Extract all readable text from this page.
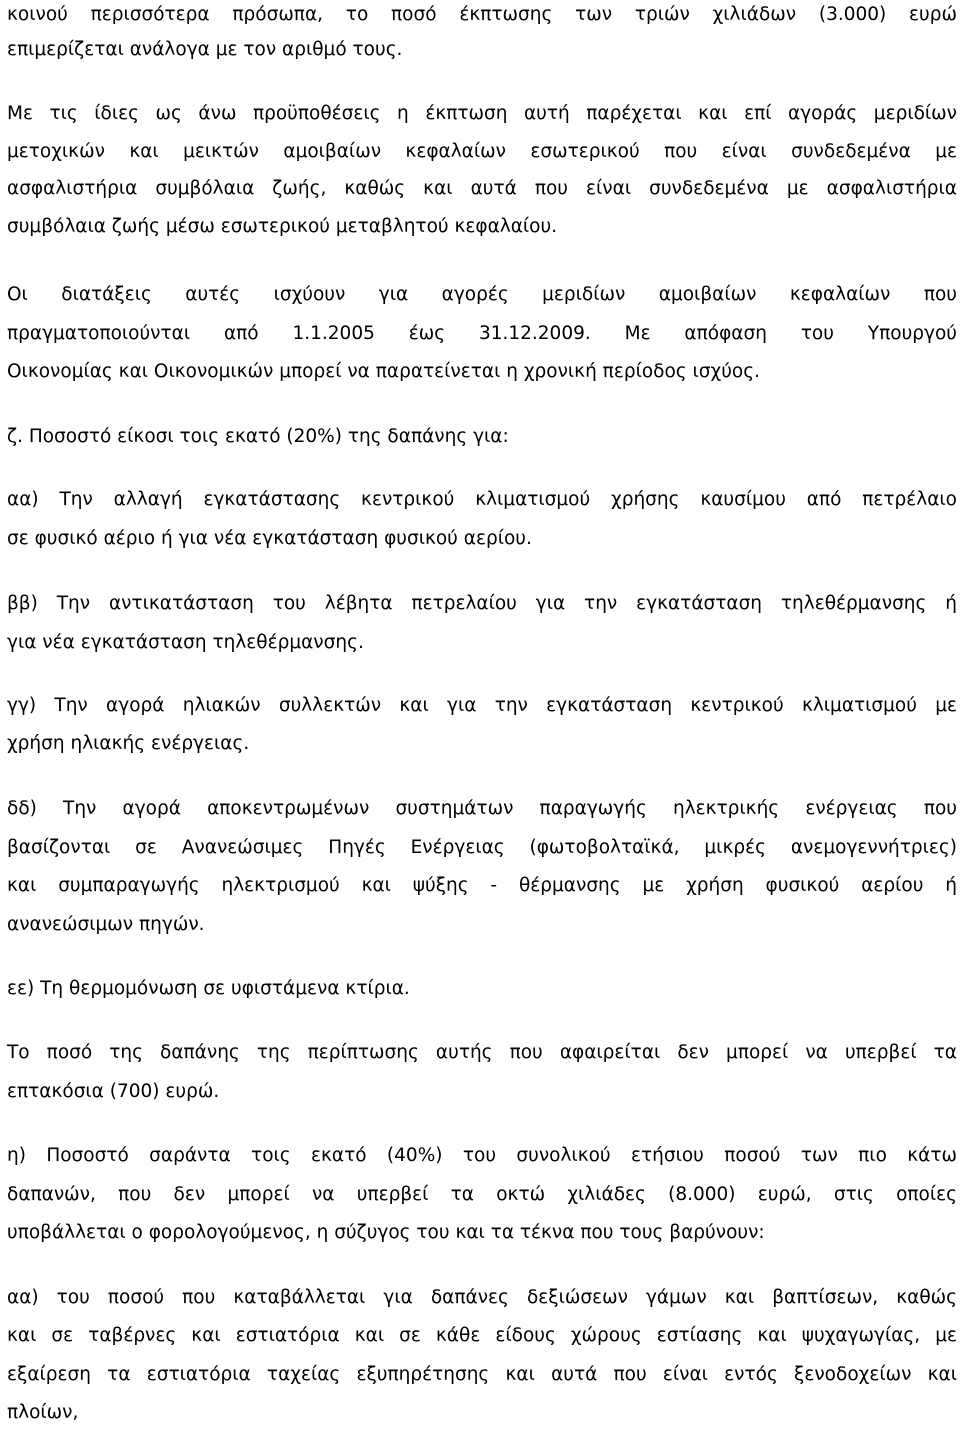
κοινού περισσότερα πρόσωπα, το ποσό έκπτωσης των τριών χιλιάδων (3.000) ευρώ

επιμερίζεται ανάλογα με τον αριθμό τους.

Με τις ίδιες ως άνω προϋποθέσεις η έκπτωση αυτή παρέχεται και επί αγοράς μεριδίων

μετοχικών και μεικτών αμοιβαίων κεφαλαίων εσωτερικού που είναι συνδεδεμένα με

ασφαλιστήρια συμβόλαια ζωής, καθώς και αυτά που είναι συνδεδεμένα με ασφαλιστήρια

συμβόλαια ζωής μέσω εσωτερικού μεταβλητού κεφαλαίου.

Οι διατάξεις αυτές ισχύουν για αγορές μεριδίων αμοιβαίων κεφαλαίων που

πραγματοποιούνται από 1.1.2005 έως 31.12.2009. Με απόφαση του Υπουργού

Οικονομίας και Οικονομικών μπορεί να παρατείνεται η χρονική περίοδος ισχύος.

ζ. Ποσοστό είκοσι τοις εκατό (20%) της δαπάνης για:

αα) Την αλλαγή εγκατάστασης κεντρικού κλιματισμού χρήσης καυσίμου από πετρέλαιο

σε φυσικό αέριο ή για νέα εγκατάσταση φυσικού αερίου.

ββ) Την αντικατάσταση του λέβητα πετρελαίου για την εγκατάσταση τηλεθέρμανσης ή

για νέα εγκατάσταση τηλεθέρμανσης.

γγ) Την αγορά ηλιακών συλλεκτών και για την εγκατάσταση κεντρικού κλιματισμού με

χρήση ηλιακής ενέργειας.

δδ) Την αγορά αποκεντρωμένων συστημάτων παραγωγής ηλεκτρικής ενέργειας που

βασίζονται σε Ανανεώσιμες Πηγές Ενέργειας (φωτοβολταϊκά, μικρές ανεμογεννήτριες)

και συμπαραγωγής ηλεκτρισμού και ψύξης - θέρμανσης με χρήση φυσικού αερίου ή

ανανεώσιμων πηγών.

εε) Τη θερμομόνωση σε υφιστάμενα κτίρια.

Το ποσό της δαπάνης της περίπτωσης αυτής που αφαιρείται δεν μπορεί να υπερβεί τα

επτακόσια (700) ευρώ.

η) Ποσοστό σαράντα τοις εκατό (40%) του συνολικού ετήσιου ποσού των πιο κάτω

δαπανών, που δεν μπορεί να υπερβεί τα οκτώ χιλιάδες (8.000) ευρώ, στις οποίες

υποβάλλεται ο φορολογούμενος, η σύζυγος του και τα τέκνα που τους βαρύνουν:

αα) του ποσού που καταβάλλεται για δαπάνες δεξιώσεων γάμων και βαπτίσεων, καθώς

και σε ταβέρνες και εστιατόρια και σε κάθε είδους χώρους εστίασης και ψυχαγωγίας, με

εξαίρεση τα εστιατόρια ταχείας εξυπηρέτησης και αυτά που είναι εντός ξενοδοχείων και

πλοίων,
